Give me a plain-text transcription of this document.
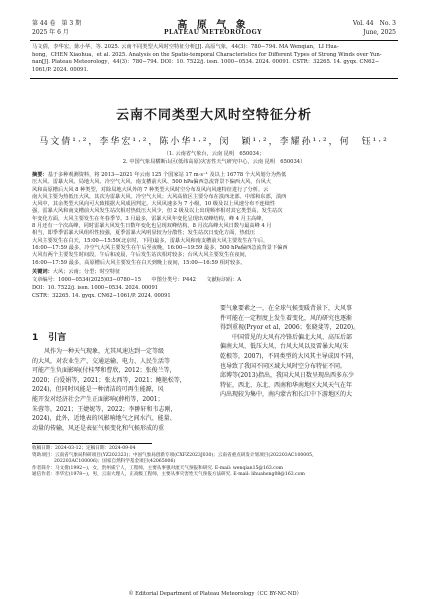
第 44 卷　第 3 期
2025 年 6 月
高 原 气 象
PLATEAU METEOROLOGY
Vol. 44　No. 3
June, 2025
马文倩，李华宏，陈小华，等. 2025. 云南不同类型大风时空特征分析[J]. 高原气象，44(3)：780−794. MA Wenqian，LI Hua-
hong，CHEN Xiaohua，et al. 2025. Analysis on the Spatio-temporal Characteristics for Different Types of Strong Winds over Yun-
nan[J]. Plateau Meteorology，44(3)：780−794. DOI：10. 7522/j. issn. 1000−0534. 2024. 00091. CSTR：32265. 14. gyqx. CN62−
1061/P. 2024. 00091.
云南不同类型大风时空特征分析
马文倩¹·²，李华宏¹·²，陈小华¹·²，闵　颖¹·²，李耀孙¹·²，何　钰¹·²
（1. 云南省气象台，云南 昆明　650034；
2. 中国气象局横断山区(低纬高原)灾害性天气研究中心，云南 昆明　650034）
摘要：基于多种观测资料，将 2013—2021 年云南 125 个国家站 17 m·s⁻¹ 及以上 16778 个大风划分为热低
压大风、雷暴大风、局地大风、冷空气大风、南支槽前大风、500 hPa偏西急流背景下偏西大风、台风大
风和高原槽后大风 8 种类型，对除局地大风外的 7 种类型大风时空分布及风向风速特征进行了分析。云
南大风主要为热低压大风，其次为雷暴大风、冷空气大风；大风高值区主要分布在滇西北部、中部和东部，滇西
大风中，其余类型大风向可大致根据大风成因判定。大风风速多为 7 小级，10 级及以上风速分布不连续性
强，雷暴大风和南支槽前大风发生站次相对热低压大风少，但 2 级及以上出现频率相对其它类型高，发生站次
年变化方面，大风主要发生在冬春季节。3 月最多，雷暴大风年变化呈现出双峰结构，峰 4 月主高峰，
8 月还有一个次高峰，同时雷暴大风发生日数年变化也呈现双峰结构，8 月次高峰大风日数与最高峰 4 月
相当，即季季雷暴大风组织性较强，夏季雷暴大风明显较为分散性；发生站次日变化方面，热低压
大风主要发生在白天，15:00—15:59(北京时，下同)最多，雷暴大风和南支槽前大风主要发生在午后，
16:00—17:59 最多，冷空气大风主要发生在午后至夜晚，16:00—19:59 最多，500 hPa偏西急流背景下偏西
大风有两个主要发生时间段，午后和凌晨，午后发生站次相对较多；台风大风主要发生在夜间，
16:00—17:59 最多，高原槽后大风主要发生在白天到晚上夜间，15:00—16:59 相对较多。
关键词：大风；云南；分型；时空特征
文章编号：1000−0534(2025)03−0780−15　　中图分类号：P442　　文献标识码：A
DOI：10. 7522/j. issn. 1000−0534. 2024. 00091
CSTR：32265. 14. gyqx. CN62−1061/P. 2024. 00091
1 引言
　　风作为一种天气现象，尤其风速达到一定等级
的大风，对农业生产、交通运输、电力、人民生活等
可能产生负面影响(付桂琴和曹欣，2012；张俊兰等，
2020；白爱娟等，2021；张太西等，2021；鲍艳松等，
2024)，但同时风能是一种清洁的可再生能源，风
能开发对经济社会产生正面影响(薛桁等，2001；
朱蓉等，2021；王婕妮等，2022；李翀轩和韦志刚，
2024)，此外，近地表的风影响地气之间水汽、能量、
动量的传输，风还是表征气候变化和气候形成的重
要气象要素之一，在全球气候变暖背景下，大风事
件可能在一定程度上发生着变化，风的研究也逐渐
得到重视(Pryor et al，2006；张晓斐等，2020)。
　　中国常见的大风有冷锋后偏北大风、高压后部
偏南大风、低压大风、台风大风以及雷暴大风(朱
乾根等，2007)，不同类型的大风其主导成因不同，
也导致了我国不同区域大风时空分布特征不同。
邱博等(2013)指出，我国大风日数呈现出西多东少
特征，西北、东北、西南和华南地区大风天气在年
内出现较为集中，南内蒙古和长江中下游地区的大
收稿日期：2024-03-12；定稿日期：2024-09-04
资助项目：云南省气象局科研项目(YZ202323)；中国气象局创新专项(CXFZ2023J030)；云南省重点研发计划项目(202203AC100005，
202203AC100006)；国家自然科学基金项目(42065006)
作者简介：马文倩(1992−)，女，贵州威宁人，工程师，主要从事强对流天气预报和研究. E-mail: wenqian15@163.com
通信作者：李华宏(1978−)，男，云南大理人，正高级工程师，主要从事灾害性天气预报方法研究. E-mail: lihuahong08@163.com
© Editorial Department of Plateau Meteorology（CC BY-NC-ND）
